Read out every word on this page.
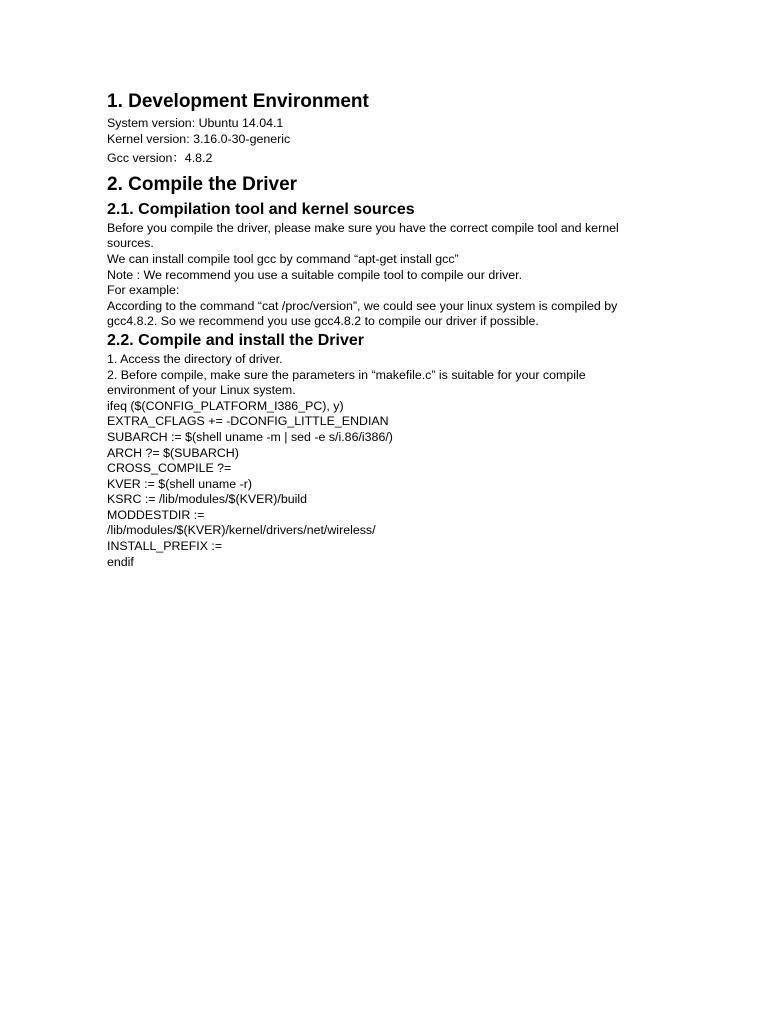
1. Development Environment
System version: Ubuntu 14.04.1
Kernel version: 3.16.0-30-generic
Gcc version：4.8.2
2. Compile the Driver
2.1. Compilation tool and kernel sources
Before you compile the driver, please make sure you have the correct compile tool and kernel sources.
We can install compile tool gcc by command “apt-get install gcc”
Note : We recommend you use a suitable compile tool to compile our driver.
For example:
According to the command “cat /proc/version”, we could see your linux system is compiled by gcc4.8.2. So we recommend you use gcc4.8.2 to compile our driver if possible.
2.2. Compile and install the Driver
1. Access the directory of driver.
2. Before compile, make sure the parameters in “makefile.c” is suitable for your compile environment of your Linux system.
ifeq ($(CONFIG_PLATFORM_I386_PC), y)
EXTRA_CFLAGS += -DCONFIG_LITTLE_ENDIAN
SUBARCH := $(shell uname -m | sed -e s/i.86/i386/)
ARCH ?= $(SUBARCH)
CROSS_COMPILE ?=
KVER := $(shell uname -r)
KSRC := /lib/modules/$(KVER)/build
MODDESTDIR :=
/lib/modules/$(KVER)/kernel/drivers/net/wireless/
INSTALL_PREFIX :=
endif
